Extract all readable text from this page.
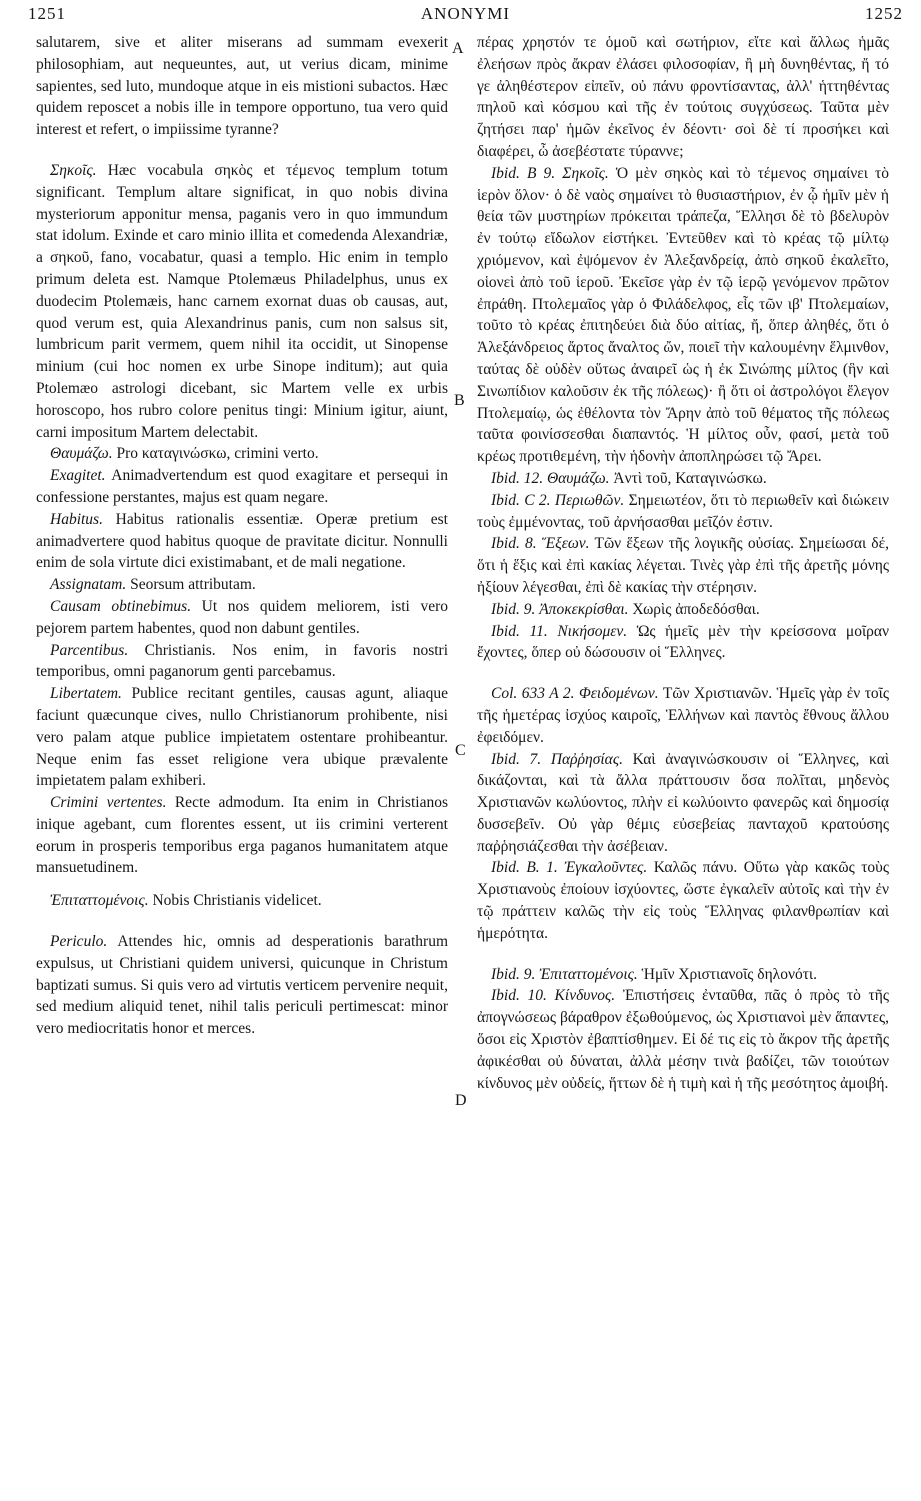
1251	ANONYMI	1252
A
B
C
D

salutarem, sive et aliter miserans ad summam evexerit philosophiam, aut nequeuntes, aut, ut verius dicam, minime sapientes, sed luto, mundoque atque in eis mistioni subactos. Hæc quidem reposcet a nobis ille in tempore opportuno, tua vero quid interest et refert, o impiissime tyranne?

Σηκοῖς. Hæc vocabula σηκὸς et τέμενος templum totum significant. Templum altare significat, in quo nobis divina mysteriorum apponitur mensa, paganis vero in quo immundum stat idolum. Exinde et caro minio illita et comedenda Alexandriæ, a σηκοῦ, fano, vocabatur, quasi a templo. Hic enim in templo primum deleta est. Namque Ptolemæus Philadelphus, unus ex duodecim Ptolemæis, hanc carnem exornat duas ob causas, aut, quod verum est, quia Alexandrinus panis, cum non salsus sit, lumbricum parit vermem, quem nihil ita occidit, ut Sinopense minium (cui hoc nomen ex urbe Sinope inditum); aut quia Ptolemæo astrologi dicebant, sic Martem velle ex urbis horoscopo, hos rubro colore penitus tingi: Minium igitur, aiunt, carni impositum Martem delectabit.

Θαυμάζω. Pro καταγινώσκω, crimini verto.

Exagitet. Animadvertendum est quod exagitare et persequi in confessione perstantes, majus est quam negare.

Habitus. Habitus rationalis essentiæ. Operæ pretium est animadvertere quod habitus quoque de pravitate dicitur. Nonnulli enim de sola virtute dici existimabant, et de mali negatione.

Assignatam. Seorsum attributam.

Causam obtinebimus. Ut nos quidem meliorem, isti vero pejorem partem habentes, quod non dabunt gentiles.

Parcentibus. Christianis. Nos enim, in favoris nostri temporibus, omni paganorum genti parcebamus.

Libertatem. Publice recitant gentiles, causas agunt, aliaque faciunt quæcunque cives, nullo Christianorum prohibente, nisi vero palam atque publice impietatem ostentare prohibeantur. Neque enim fas esset religione vera ubique prævalente impietatem palam exhiberi.

Crimini vertentes. Recte admodum. Ita enim in Christianos inique agebant, cum florentes essent, ut iis crimini verterent eorum in prosperis temporibus erga paganos humanitatem atque mansuetudinem.

Ἐπιταττομένοις. Nobis Christianis videlicet.

Periculo. Attendes hic, omnis ad desperationis barathrum expulsus, ut Christiani quidem universi, quicunque in Christum baptizati sumus. Si quis vero ad virtutis verticem pervenire nequit, sed medium aliquid tenet, nihil talis periculi pertimescat: minor vero mediocritatis honor et merces.

πέρας χρηστόν τε ὁμοῦ καὶ σωτήριον, εἴτε καὶ ἄλλως ἡμᾶς ἐλεήσων πρὸς ἄκραν ἐλάσει φιλοσοφίαν, ἢ μὴ δυνηθέντας, ἤ τό γε ἀληθέστερον εἰπεῖν, οὐ πάνυ φροντίσαντας, ἀλλ' ἡττηθέντας πηλοῦ καὶ κόσμου καὶ τῆς ἐν τούτοις συγχύσεως. Ταῦτα μὲν ζητήσει παρ' ἡμῶν ἐκεῖνος ἐν δέοντι· σοὶ δὲ τί προσήκει καὶ διαφέρει, ὦ ἀσεβέστατε τύραννε;

Ibid. B 9. Σηκοῖς. Ὁ μὲν σηκὸς καὶ τὸ τέμενος σημαίνει τὸ ἱερὸν ὅλον· ὁ δὲ ναὸς σημαίνει τὸ θυσιαστήριον, ἐν ᾧ ἡμῖν μὲν ἡ θεία τῶν μυστηρίων πρόκειται τράπεζα, Ἕλλησι δὲ τὸ βδελυρὸν ἐν τούτῳ εἴδωλον εἱστήκει. Ἐντεῦθεν καὶ τὸ κρέας τῷ μίλτῳ χριόμενον, καὶ ἐψόμενον ἐν Ἀλεξανδρείᾳ, ἀπὸ σηκοῦ ἐκαλεῖτο, οἱονεὶ ἀπὸ τοῦ ἱεροῦ. Ἐκεῖσε γὰρ ἐν τῷ ἱερῷ γενόμενον πρῶτον ἐπράθη. Πτολεμαῖος γὰρ ὁ Φιλάδελφος, εἷς τῶν ιβ' Πτολεμαίων, τοῦτο τὸ κρέας ἐπιτηδεύει διὰ δύο αἰτίας, ἤ, ὅπερ ἀληθές, ὅτι ὁ Ἀλεξάνδρειος ἄρτος ἄναλτος ὤν, ποιεῖ τὴν καλουμένην ἕλμινθον, ταύτας δὲ οὐδὲν οὕτως ἀναιρεῖ ὡς ἡ ἐκ Σινώπης μίλτος (ἣν καὶ Σινωπίδιον καλοῦσιν ἐκ τῆς πόλεως)· ἢ ὅτι οἱ ἀστρολόγοι ἔλεγον Πτολεμαίῳ, ὡς ἐθέλοντα τὸν Ἄρην ἀπὸ τοῦ θέματος τῆς πόλεως ταῦτα φοινίσσεσθαι διαπαντός. Ἡ μίλτος οὖν, φασί, μετὰ τοῦ κρέως προτιθεμένη, τὴν ἡδονὴν ἀποπληρώσει τῷ Ἄρει.

Ibid. 12. Θαυμάζω. Ἀντὶ τοῦ, Καταγινώσκω.

Ibid. C 2. Περιωθῶν. Σημειωτέον, ὅτι τὸ περιωθεῖν καὶ διώκειν τοὺς ἐμμένοντας, τοῦ ἀρνήσασθαι μεῖζόν ἐστιν.

Ibid. 8. Ἕξεων. Τῶν ἕξεων τῆς λογικῆς οὐσίας. Σημείωσαι δέ, ὅτι ἡ ἕξις καὶ ἐπὶ κακίας λέγεται. Τινὲς γὰρ ἐπὶ τῆς ἀρετῆς μόνης ἠξίουν λέγεσθαι, ἐπὶ δὲ κακίας τὴν στέρησιν.

Ibid. 9. Ἀποκεκρίσθαι. Χωρὶς ἀποδεδόσθαι.

Ibid. 11. Νικήσομεν. Ὡς ἡμεῖς μὲν τὴν κρείσσονα μοῖραν ἔχοντες, ὅπερ οὐ δώσουσιν οἱ Ἕλληνες.

Col. 633 A 2. Φειδομένων. Τῶν Χριστιανῶν. Ἡμεῖς γὰρ ἐν τοῖς τῆς ἡμετέρας ἰσχύος καιροῖς, Ἑλλήνων καὶ παντὸς ἔθνους ἄλλου ἐφειδόμεν.

Ibid. 7. Παῤῥησίας. Καὶ ἀναγινώσκουσιν οἱ Ἕλληνες, καὶ δικάζονται, καὶ τὰ ἄλλα πράττουσιν ὅσα πολῖται, μηδενὸς Χριστιανῶν κωλύοντος, πλὴν εἰ κωλύοιντο φανερῶς καὶ δημοσίᾳ δυσσεβεῖν. Οὐ γὰρ θέμις εὐσεβείας πανταχοῦ κρατούσης παῤῥησιάζεσθαι τὴν ἀσέβειαν.

Ibid. B. 1. Ἐγκαλοῦντες. Καλῶς πάνυ. Οὕτω γὰρ κακῶς τοὺς Χριστιανοὺς ἐποίουν ἰσχύοντες, ὥστε ἐγκαλεῖν αὐτοῖς καὶ τὴν ἐν τῷ πράττειν καλῶς τὴν εἰς τοὺς Ἕλληνας φιλανθρωπίαν καὶ ἡμερότητα.

Ibid. 9. Ἐπιταττομένοις. Ἡμῖν Χριστιανοῖς δηλονότι.

Ibid. 10. Κίνδυνος. Ἐπιστήσεις ἐνταῦθα, πᾶς ὁ πρὸς τὸ τῆς ἀπογνώσεως βάραθρον ἐξωθούμενος, ὡς Χριστιανοὶ μὲν ἅπαντες, ὅσοι εἰς Χριστὸν ἐβαπτίσθημεν. Εἰ δέ τις εἰς τὸ ἄκρον τῆς ἀρετῆς ἀφικέσθαι οὐ δύναται, ἀλλὰ μέσην τινὰ βαδίζει, τῶν τοιούτων κίνδυνος μὲν οὐδείς, ἥττων δὲ ἡ τιμὴ καὶ ἡ τῆς μεσότητος ἀμοιβή.
